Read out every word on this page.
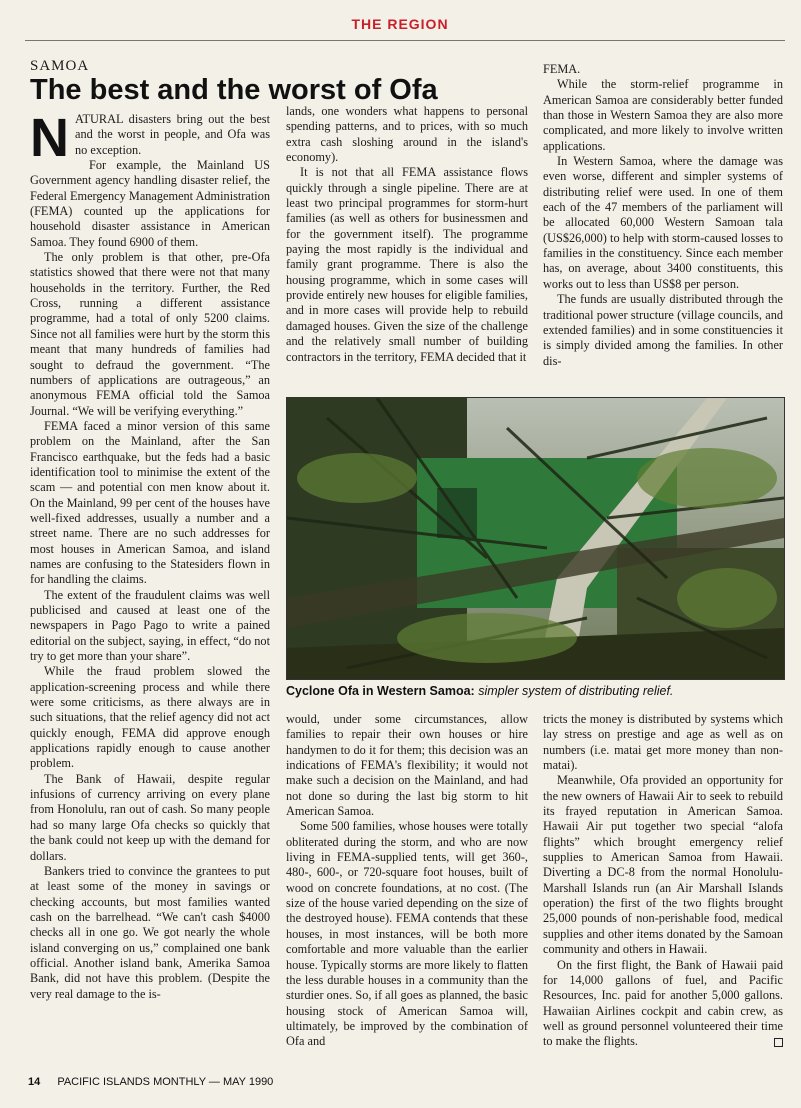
THE REGION
SAMOA
The best and the worst of Ofa

NATURAL disasters bring out the best and the worst in people, and Ofa was no exception.

For example, the Mainland US Government agency handling disaster relief, the Federal Emergency Management Administration (FEMA) counted up the applications for household disaster assistance in American Samoa. They found 6900 of them.

The only problem is that other, pre-Ofa statistics showed that there were not that many households in the territory. Further, the Red Cross, running a different assistance programme, had a total of only 5200 claims. Since not all families were hurt by the storm this meant that many hundreds of families had sought to defraud the government. “The numbers of applications are outrageous,” an anonymous FEMA official told the Samoa Journal. “We will be verifying everything.”

FEMA faced a minor version of this same problem on the Mainland, after the San Francisco earthquake, but the feds had a basic identification tool to minimise the extent of the scam — and potential con men know about it. On the Mainland, 99 per cent of the houses have well-fixed addresses, usually a number and a street name. There are no such addresses for most houses in American Samoa, and island names are confusing to the Statesiders flown in for handling the claims.

The extent of the fraudulent claims was well publicised and caused at least one of the newspapers in Pago Pago to write a pained editorial on the subject, saying, in effect, “do not try to get more than your share”.

While the fraud problem slowed the application-screening process and while there were some criticisms, as there always are in such situations, that the relief agency did not act quickly enough, FEMA did approve enough applications rapidly enough to cause another problem.

The Bank of Hawaii, despite regular infusions of currency arriving on every plane from Honolulu, ran out of cash. So many people had so many large Ofa checks so quickly that the bank could not keep up with the demand for dollars.

Bankers tried to convince the grantees to put at least some of the money in savings or checking accounts, but most families wanted cash on the barrelhead. “We can't cash $4000 checks all in one go. We got nearly the whole island converging on us,” complained one bank official. Another island bank, Amerika Samoa Bank, did not have this problem. (Despite the very real damage to the is-

lands, one wonders what happens to personal spending patterns, and to prices, with so much extra cash sloshing around in the island's economy).

It is not that all FEMA assistance flows quickly through a single pipeline. There are at least two principal programmes for storm-hurt families (as well as others for businessmen and for the government itself). The programme paying the most rapidly is the individual and family grant programme. There is also the housing programme, which in some cases will provide entirely new houses for eligible families, and in more cases will provide help to rebuild damaged houses. Given the size of the challenge and the relatively small number of building contractors in the territory, FEMA decided that it

FEMA.

While the storm-relief programme in American Samoa are considerably better funded than those in Western Samoa they are also more complicated, and more likely to involve written applications.

In Western Samoa, where the damage was even worse, different and simpler systems of distributing relief were used. In one of them each of the 47 members of the parliament will be allocated 60,000 Western Samoan tala (US$26,000) to help with storm-caused losses to families in the constituency. Since each member has, on average, about 3400 constituents, this works out to less than US$8 per person.

The funds are usually distributed through the traditional power structure (village councils, and extended families) and in some constituencies it is simply divided among the families. In other dis-

Cyclone Ofa in Western Samoa: simpler system of distributing relief.

would, under some circumstances, allow families to repair their own houses or hire handymen to do it for them; this decision was an indications of FEMA's flexibility; it would not make such a decision on the Mainland, and had not done so during the last big storm to hit American Samoa.

Some 500 families, whose houses were totally obliterated during the storm, and who are now living in FEMA-supplied tents, will get 360-, 480-, 600-, or 720-square foot houses, built of wood on concrete foundations, at no cost. (The size of the house varied depending on the size of the destroyed house). FEMA contends that these houses, in most instances, will be both more comfortable and more valuable than the earlier house. Typically storms are more likely to flatten the less durable houses in a community than the sturdier ones. So, if all goes as planned, the basic housing stock of American Samoa will, ultimately, be improved by the combination of Ofa and

tricts the money is distributed by systems which lay stress on prestige and age as well as on numbers (i.e. matai get more money than non-matai).

Meanwhile, Ofa provided an opportunity for the new owners of Hawaii Air to seek to rebuild its frayed reputation in American Samoa. Hawaii Air put together two special “alofa flights” which brought emergency relief supplies to American Samoa from Hawaii. Diverting a DC-8 from the normal Honolulu-Marshall Islands run (an Air Marshall Islands operation) the first of the two flights brought 25,000 pounds of non-perishable food, medical supplies and other items donated by the Samoan community and others in Hawaii.

On the first flight, the Bank of Hawaii paid for 14,000 gallons of fuel, and Pacific Resources, Inc. paid for another 5,000 gallons. Hawaiian Airlines cockpit and cabin crew, as well as ground personnel volunteered their time to make the flights.

14 PACIFIC ISLANDS MONTHLY — MAY 1990
